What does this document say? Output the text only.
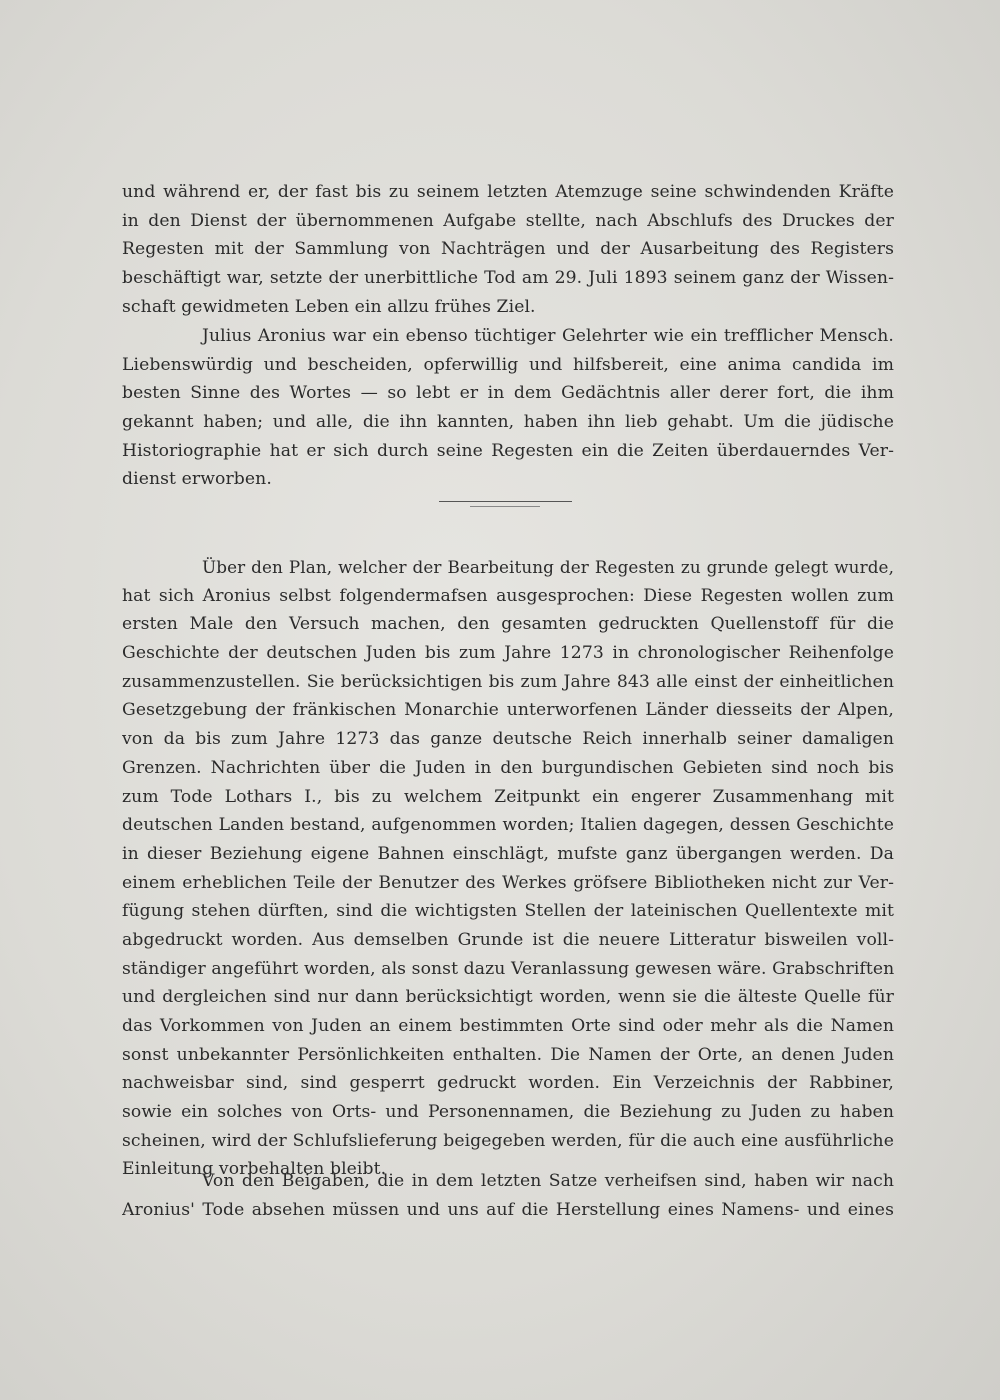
und während er, der fast bis zu seinem letzten Atemzuge seine schwindenden Kräfte
in den Dienst der übernommenen Aufgabe stellte, nach Abschlufs des Druckes der
Regesten mit der Sammlung von Nachträgen und der Ausarbeitung des Registers
beschäftigt war, setzte der unerbittliche Tod am 29. Juli 1893 seinem ganz der Wissen-
schaft gewidmeten Leben ein allzu frühes Ziel.
Julius Aronius war ein ebenso tüchtiger Gelehrter wie ein trefflicher Mensch.
Liebenswürdig und bescheiden, opferwillig und hilfsbereit, eine anima candida im
besten Sinne des Wortes — so lebt er in dem Gedächtnis aller derer fort, die ihm
gekannt haben; und alle, die ihn kannten, haben ihn lieb gehabt. Um die jüdische
Historiographie hat er sich durch seine Regesten ein die Zeiten überdauerndes Ver-
dienst erworben.
Über den Plan, welcher der Bearbeitung der Regesten zu grunde gelegt wurde,
hat sich Aronius selbst folgendermafsen ausgesprochen: Diese Regesten wollen zum
ersten Male den Versuch machen, den gesamten gedruckten Quellenstoff für die
Geschichte der deutschen Juden bis zum Jahre 1273 in chronologischer Reihenfolge
zusammenzustellen. Sie berücksichtigen bis zum Jahre 843 alle einst der einheitlichen
Gesetzgebung der fränkischen Monarchie unterworfenen Länder diesseits der Alpen,
von da bis zum Jahre 1273 das ganze deutsche Reich innerhalb seiner damaligen
Grenzen. Nachrichten über die Juden in den burgundischen Gebieten sind noch bis
zum Tode Lothars I., bis zu welchem Zeitpunkt ein engerer Zusammenhang mit
deutschen Landen bestand, aufgenommen worden; Italien dagegen, dessen Geschichte
in dieser Beziehung eigene Bahnen einschlägt, mufste ganz übergangen werden. Da
einem erheblichen Teile der Benutzer des Werkes gröfsere Bibliotheken nicht zur Ver-
fügung stehen dürften, sind die wichtigsten Stellen der lateinischen Quellentexte mit
abgedruckt worden. Aus demselben Grunde ist die neuere Litteratur bisweilen voll-
ständiger angeführt worden, als sonst dazu Veranlassung gewesen wäre. Grabschriften
und dergleichen sind nur dann berücksichtigt worden, wenn sie die älteste Quelle für
das Vorkommen von Juden an einem bestimmten Orte sind oder mehr als die Namen
sonst unbekannter Persönlichkeiten enthalten. Die Namen der Orte, an denen Juden
nachweisbar sind, sind gesperrt gedruckt worden. Ein Verzeichnis der Rabbiner,
sowie ein solches von Orts- und Personennamen, die Beziehung zu Juden zu haben
scheinen, wird der Schlufslieferung beigegeben werden, für die auch eine ausführliche
Einleitung vorbehalten bleibt.
Von den Beigaben, die in dem letzten Satze verheifsen sind, haben wir nach
Aronius' Tode absehen müssen und uns auf die Herstellung eines Namens- und eines
